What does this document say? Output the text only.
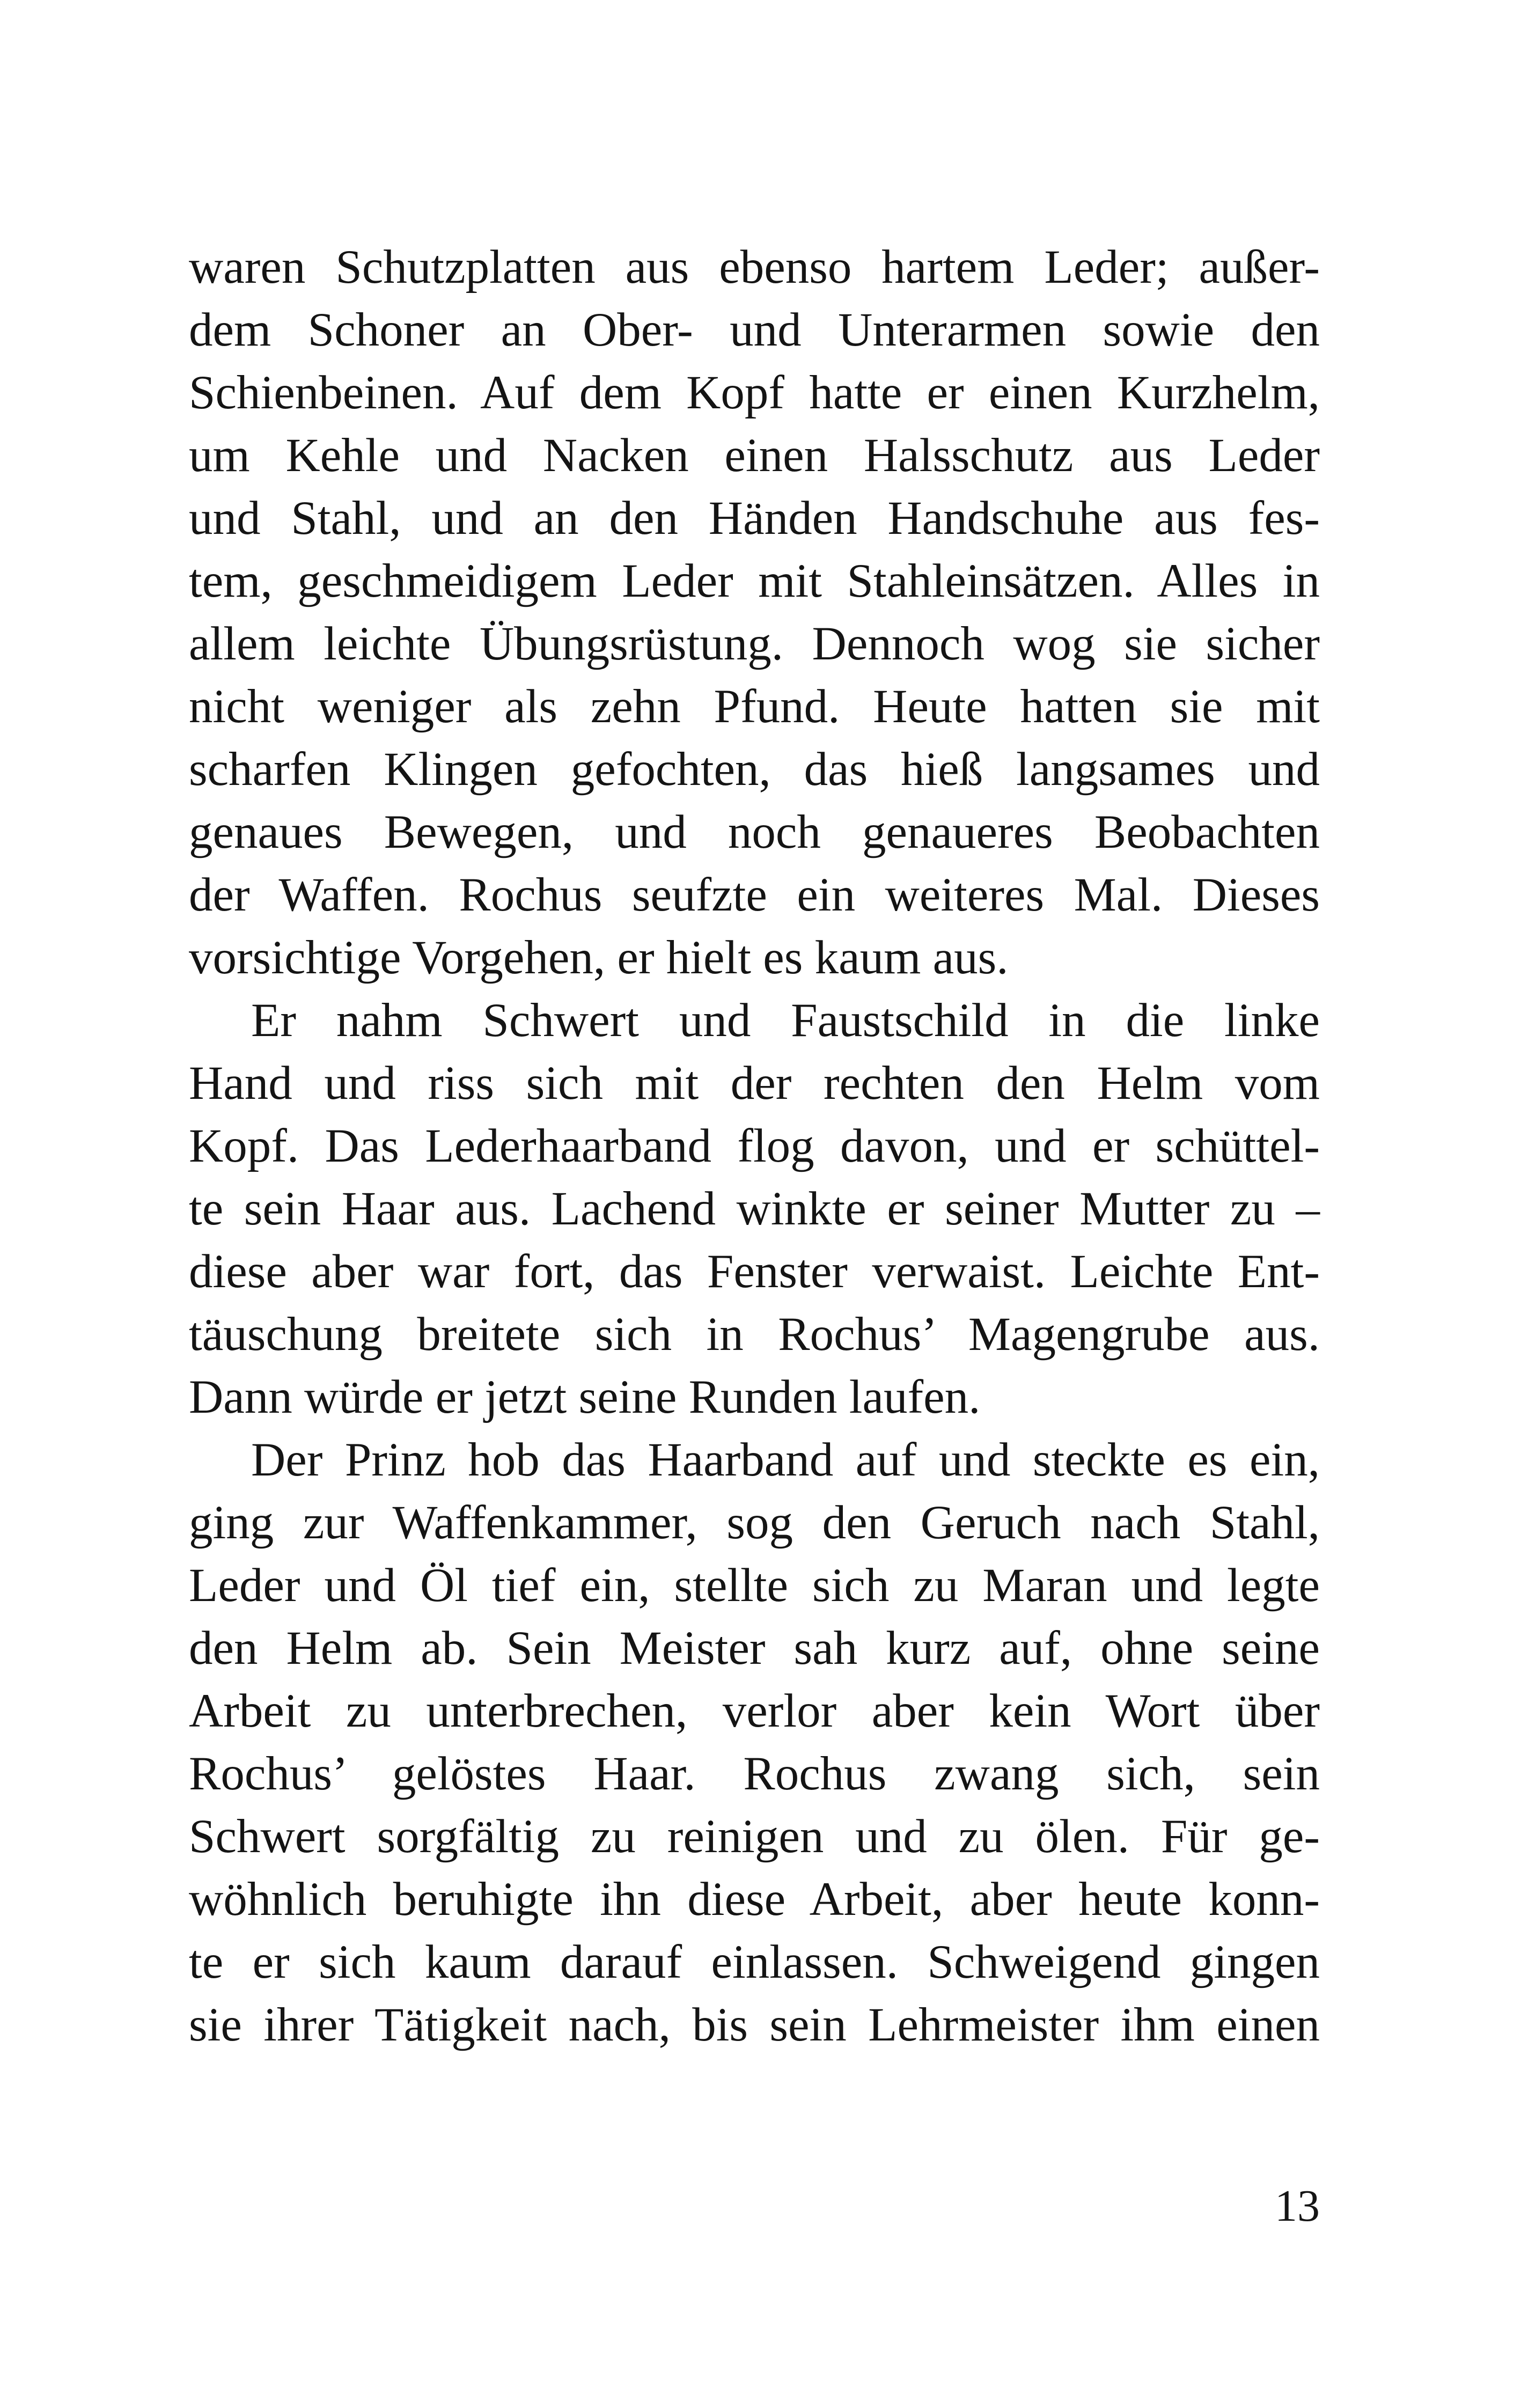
waren Schutzplatten aus ebenso hartem Leder; außer-
dem Schoner an Ober- und Unterarmen sowie den
Schienbeinen. Auf dem Kopf hatte er einen Kurzhelm,
um Kehle und Nacken einen Halsschutz aus Leder
und Stahl, und an den Händen Handschuhe aus fes-
tem, geschmeidigem Leder mit Stahleinsätzen. Alles in
allem leichte Übungsrüstung. Dennoch wog sie sicher
nicht weniger als zehn Pfund. Heute hatten sie mit
scharfen Klingen gefochten, das hieß langsames und
genaues Bewegen, und noch genaueres Beobachten
der Waffen. Rochus seufzte ein weiteres Mal. Dieses
vorsichtige Vorgehen, er hielt es kaum aus.
Er nahm Schwert und Faustschild in die linke
Hand und riss sich mit der rechten den Helm vom
Kopf. Das Lederhaarband flog davon, und er schüttel-
te sein Haar aus. Lachend winkte er seiner Mutter zu –
diese aber war fort, das Fenster verwaist. Leichte Ent-
täuschung breitete sich in Rochus’ Magengrube aus.
Dann würde er jetzt seine Runden laufen.
Der Prinz hob das Haarband auf und steckte es ein,
ging zur Waffenkammer, sog den Geruch nach Stahl,
Leder und Öl tief ein, stellte sich zu Maran und legte
den Helm ab. Sein Meister sah kurz auf, ohne seine
Arbeit zu unterbrechen, verlor aber kein Wort über
Rochus’ gelöstes Haar. Rochus zwang sich, sein
Schwert sorgfältig zu reinigen und zu ölen. Für ge-
wöhnlich beruhigte ihn diese Arbeit, aber heute konn-
te er sich kaum darauf einlassen. Schweigend gingen
sie ihrer Tätigkeit nach, bis sein Lehrmeister ihm einen
13
